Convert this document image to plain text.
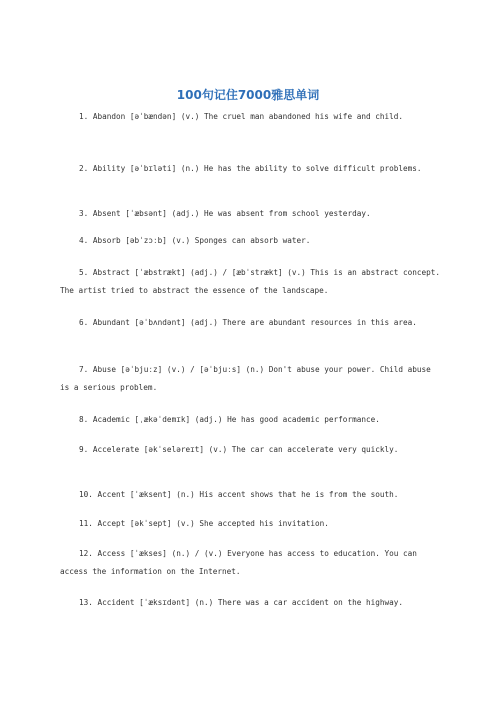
100句记住7000雅思单词
1. Abandon [əˈbændən] (v.) The cruel man abandoned his wife and child.
2. Ability [əˈbɪləti] (n.) He has the ability to solve difficult problems.
3. Absent [ˈæbsənt] (adj.) He was absent from school yesterday.
4. Absorb [əbˈzɔːb] (v.) Sponges can absorb water.
5. Abstract [ˈæbstrækt] (adj.) / [æbˈstrækt] (v.) This is an abstract concept. The artist tried to abstract the essence of the landscape.
6. Abundant [əˈbʌndənt] (adj.) There are abundant resources in this area.
7. Abuse [əˈbjuːz] (v.) / [əˈbjuːs] (n.) Don't abuse your power. Child abuse is a serious problem.
8. Academic [ˌækəˈdemɪk] (adj.) He has good academic performance.
9. Accelerate [əkˈseləreɪt] (v.) The car can accelerate very quickly.
10. Accent [ˈæksent] (n.) His accent shows that he is from the south.
11. Accept [əkˈsept] (v.) She accepted his invitation.
12. Access [ˈækses] (n.) / (v.) Everyone has access to education. You can access the information on the Internet.
13. Accident [ˈæksɪdənt] (n.) There was a car accident on the highway.
